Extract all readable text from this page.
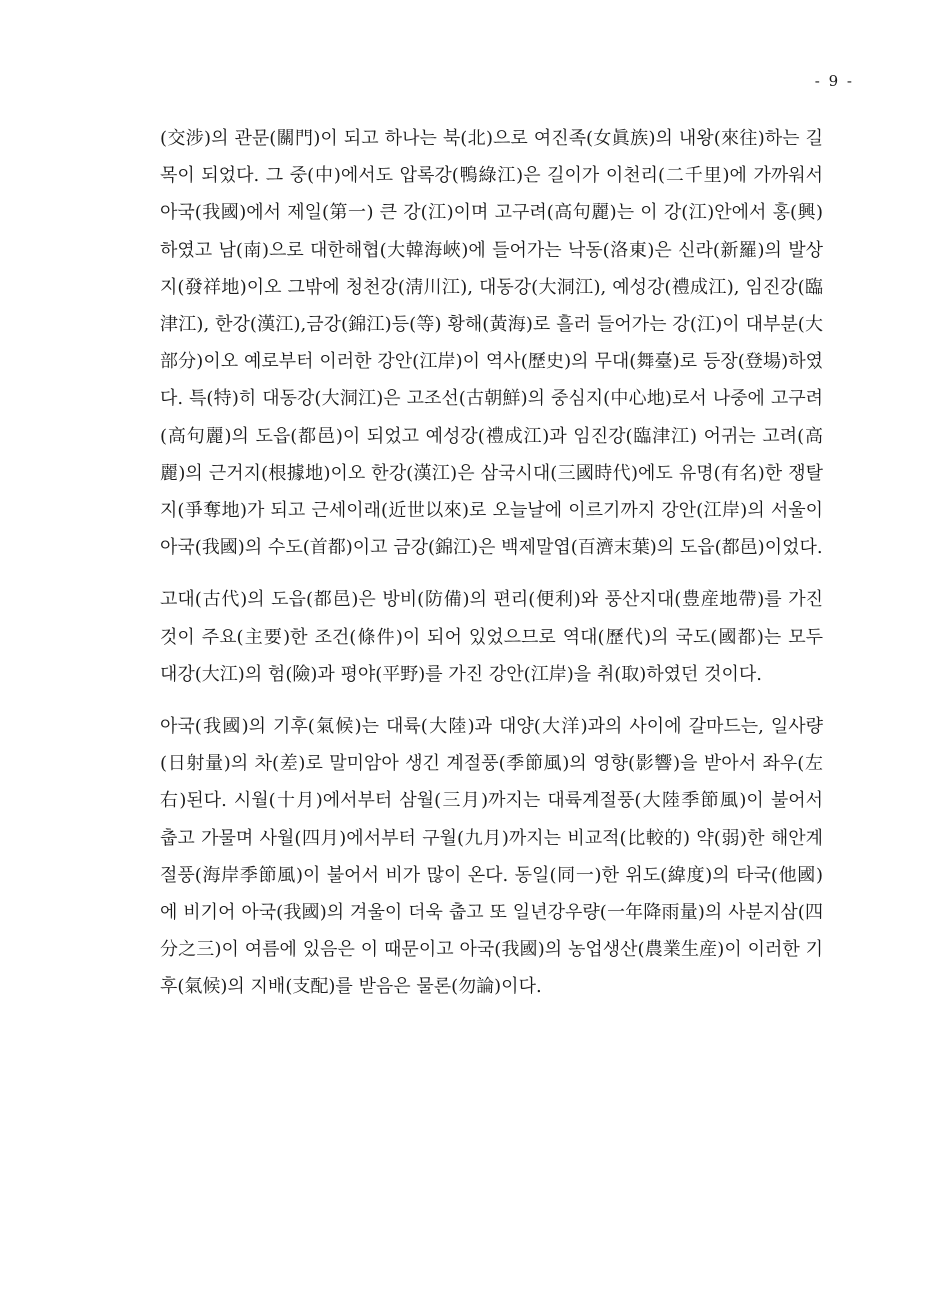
- 9 -

(交涉)의 관문(關門)이 되고 하나는 북(北)으로 여진족(女眞族)의 내왕(來往)하는 길목이 되었다. 그 중(中)에서도 압록강(鴨綠江)은 길이가 이천리(二千里)에 가까워서 아국(我國)에서 제일(第一) 큰 강(江)이며 고구려(高句麗)는 이 강(江)안에서 홍(興)하였고 남(南)으로 대한해협(大韓海峽)에 들어가는 낙동(洛東)은 신라(新羅)의 발상지(發祥地)이오 그밖에 청천강(淸川江), 대동강(大洞江), 예성강(禮成江), 임진강(臨津江), 한강(漢江),금강(錦江)등(等) 황해(黃海)로 흘러 들어가는 강(江)이 대부분(大部分)이오 예로부터 이러한 강안(江岸)이 역사(歷史)의 무대(舞臺)로 등장(登場)하였다. 특(特)히 대동강(大洞江)은 고조선(古朝鮮)의 중심지(中心地)로서 나중에 고구려(高句麗)의 도읍(都邑)이 되었고 예성강(禮成江)과 임진강(臨津江) 어귀는 고려(高麗)의 근거지(根據地)이오 한강(漢江)은 삼국시대(三國時代)에도 유명(有名)한 쟁탈지(爭奪地)가 되고 근세이래(近世以來)로 오늘날에 이르기까지 강안(江岸)의 서울이 아국(我國)의 수도(首都)이고 금강(錦江)은 백제말엽(百濟末葉)의 도읍(都邑)이었다.

고대(古代)의 도읍(都邑)은 방비(防備)의 편리(便利)와 풍산지대(豊産地帶)를 가진 것이 주요(主要)한 조건(條件)이 되어 있었으므로 역대(歷代)의 국도(國都)는 모두 대강(大江)의 험(險)과 평야(平野)를 가진 강안(江岸)을 취(取)하였던 것이다.

아국(我國)의 기후(氣候)는 대륙(大陸)과 대양(大洋)과의 사이에 갈마드는, 일사량(日射量)의 차(差)로 말미암아 생긴 계절풍(季節風)의 영향(影響)을 받아서 좌우(左右)된다. 시월(十月)에서부터 삼월(三月)까지는 대륙계절풍(大陸季節風)이 불어서 춥고 가물며 사월(四月)에서부터 구월(九月)까지는 비교적(比較的) 약(弱)한 해안계절풍(海岸季節風)이 불어서 비가 많이 온다. 동일(同一)한 위도(緯度)의 타국(他國)에 비기어 아국(我國)의 겨울이 더욱 춥고 또 일년강우량(一年降雨量)의 사분지삼(四分之三)이 여름에 있음은 이 때문이고 아국(我國)의 농업생산(農業生産)이 이러한 기후(氣候)의 지배(支配)를 받음은 물론(勿論)이다.
